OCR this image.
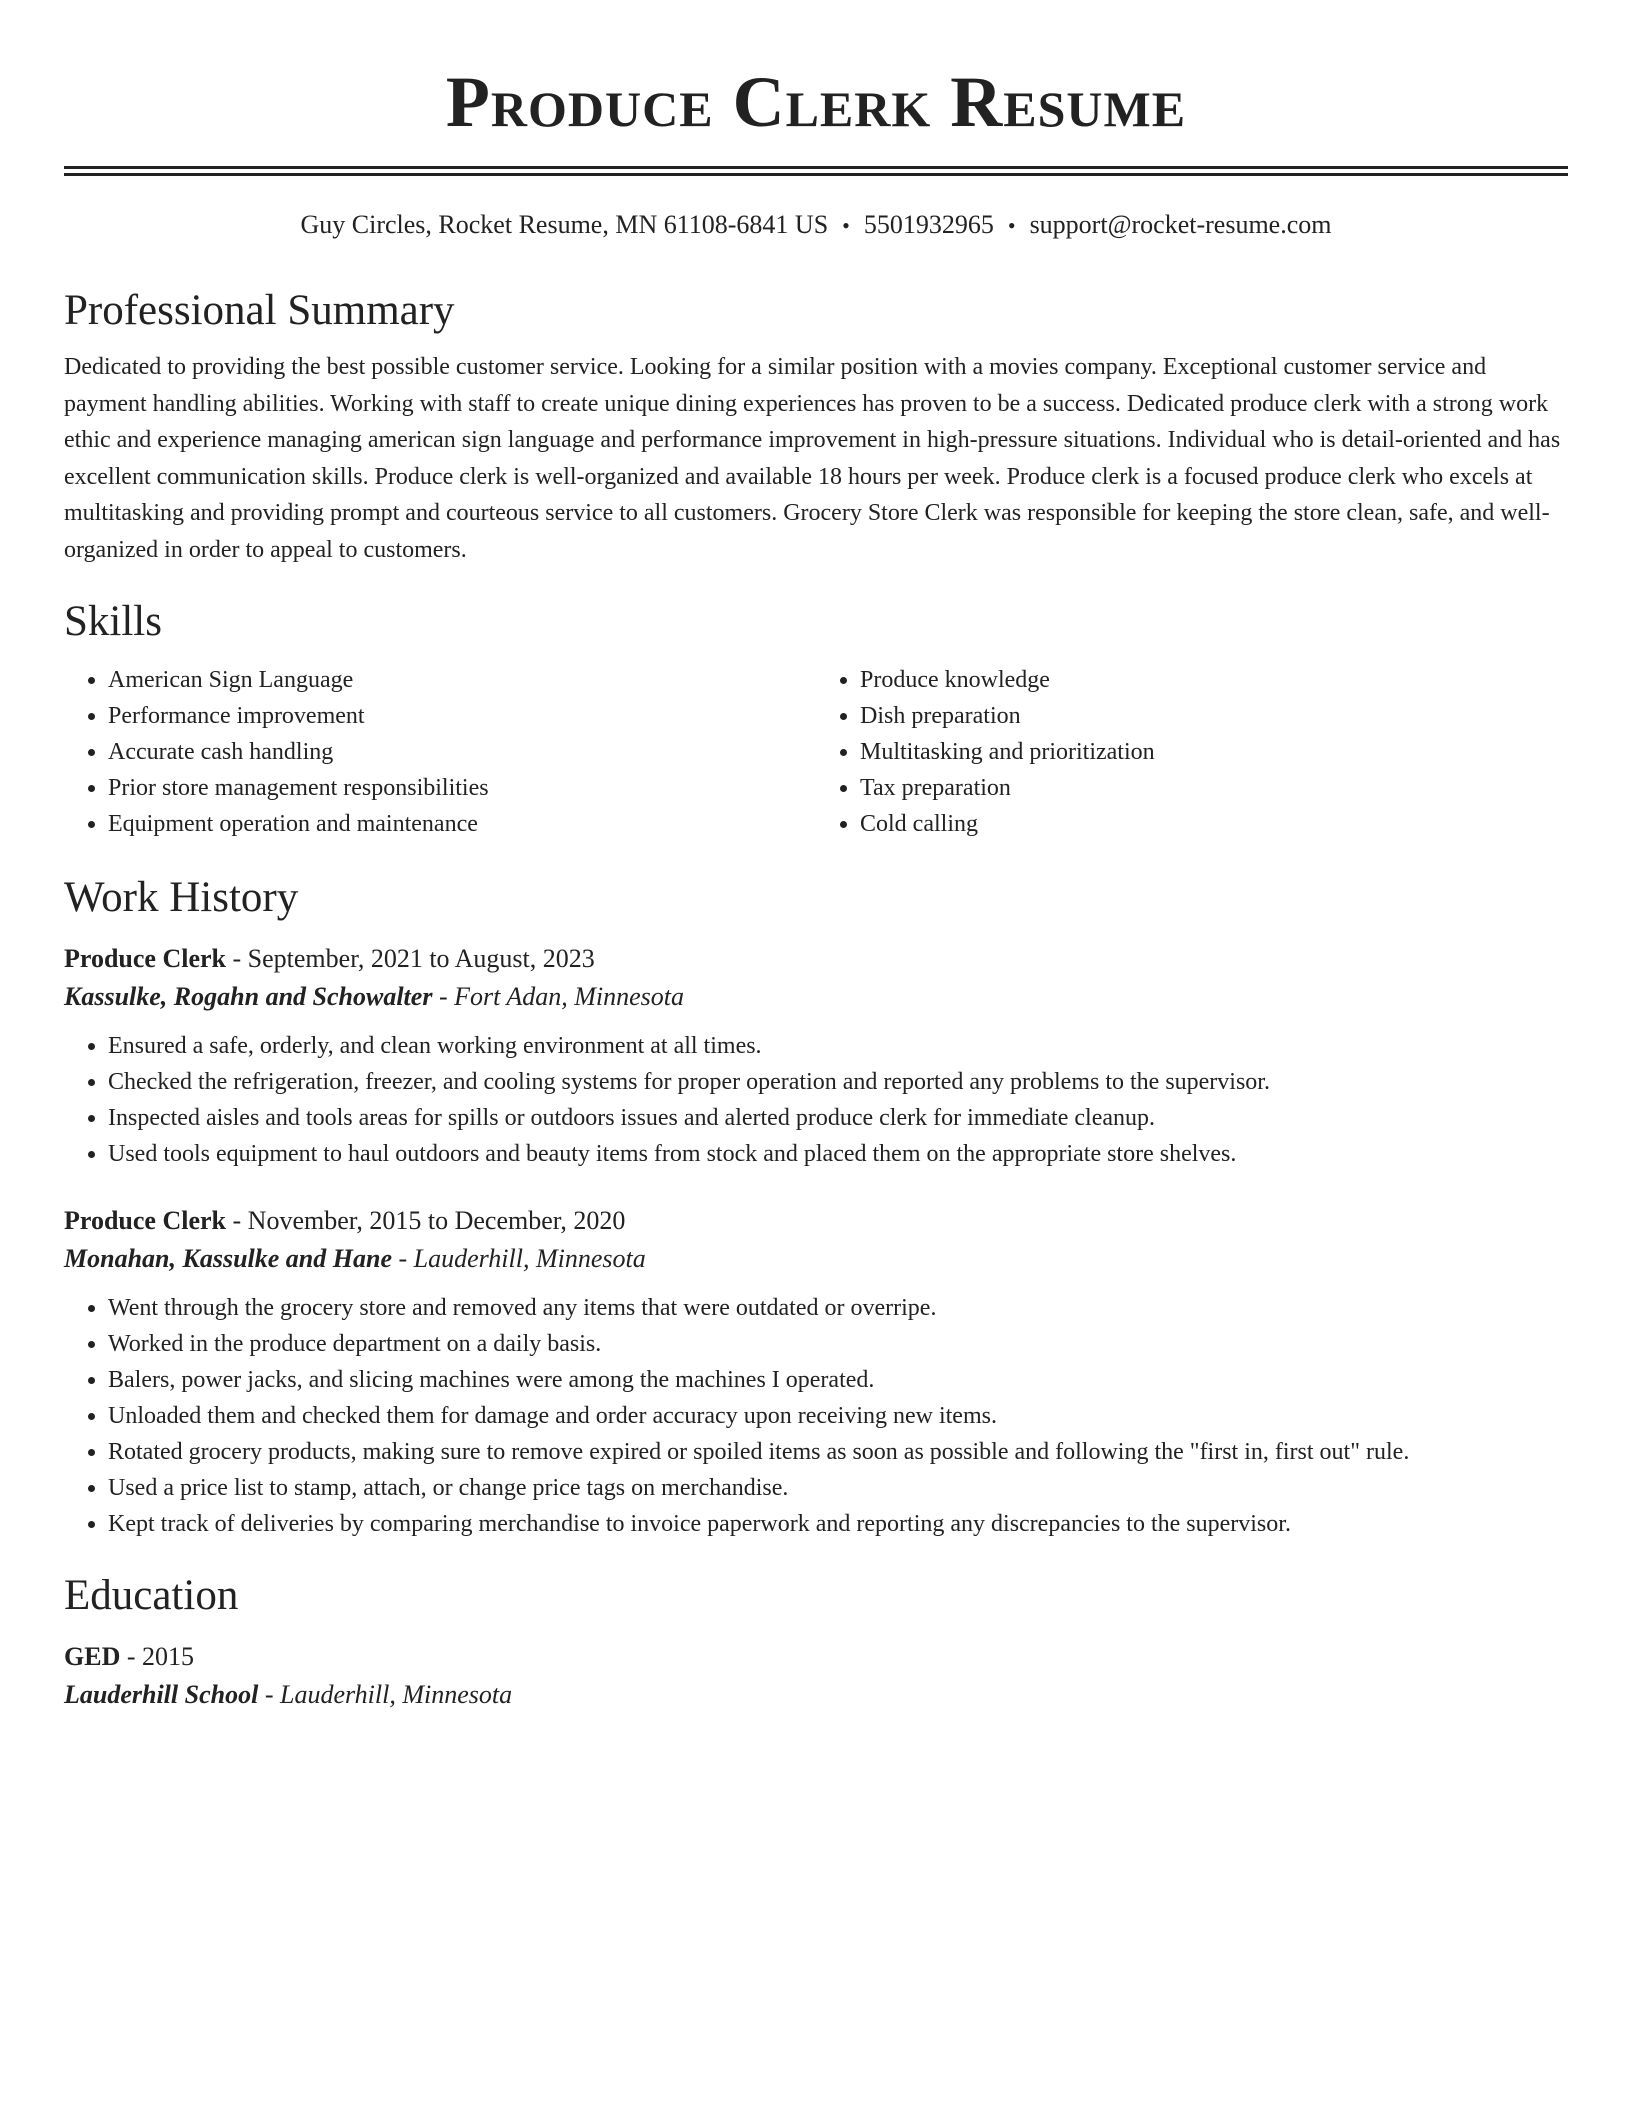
Produce Clerk Resume
Guy Circles, Rocket Resume, MN 61108-6841 US • 5501932965 • support@rocket-resume.com
Professional Summary
Dedicated to providing the best possible customer service. Looking for a similar position with a movies company. Exceptional customer service and payment handling abilities. Working with staff to create unique dining experiences has proven to be a success. Dedicated produce clerk with a strong work ethic and experience managing american sign language and performance improvement in high-pressure situations. Individual who is detail-oriented and has excellent communication skills. Produce clerk is well-organized and available 18 hours per week. Produce clerk is a focused produce clerk who excels at multitasking and providing prompt and courteous service to all customers. Grocery Store Clerk was responsible for keeping the store clean, safe, and well-organized in order to appeal to customers.
Skills
• American Sign Language
• Performance improvement
• Accurate cash handling
• Prior store management responsibilities
• Equipment operation and maintenance
• Produce knowledge
• Dish preparation
• Multitasking and prioritization
• Tax preparation
• Cold calling
Work History
Produce Clerk - September, 2021 to August, 2023
Kassulke, Rogahn and Schowalter - Fort Adan, Minnesota
• Ensured a safe, orderly, and clean working environment at all times.
• Checked the refrigeration, freezer, and cooling systems for proper operation and reported any problems to the supervisor.
• Inspected aisles and tools areas for spills or outdoors issues and alerted produce clerk for immediate cleanup.
• Used tools equipment to haul outdoors and beauty items from stock and placed them on the appropriate store shelves.
Produce Clerk - November, 2015 to December, 2020
Monahan, Kassulke and Hane - Lauderhill, Minnesota
• Went through the grocery store and removed any items that were outdated or overripe.
• Worked in the produce department on a daily basis.
• Balers, power jacks, and slicing machines were among the machines I operated.
• Unloaded them and checked them for damage and order accuracy upon receiving new items.
• Rotated grocery products, making sure to remove expired or spoiled items as soon as possible and following the "first in, first out" rule.
• Used a price list to stamp, attach, or change price tags on merchandise.
• Kept track of deliveries by comparing merchandise to invoice paperwork and reporting any discrepancies to the supervisor.
Education
GED - 2015
Lauderhill School - Lauderhill, Minnesota
